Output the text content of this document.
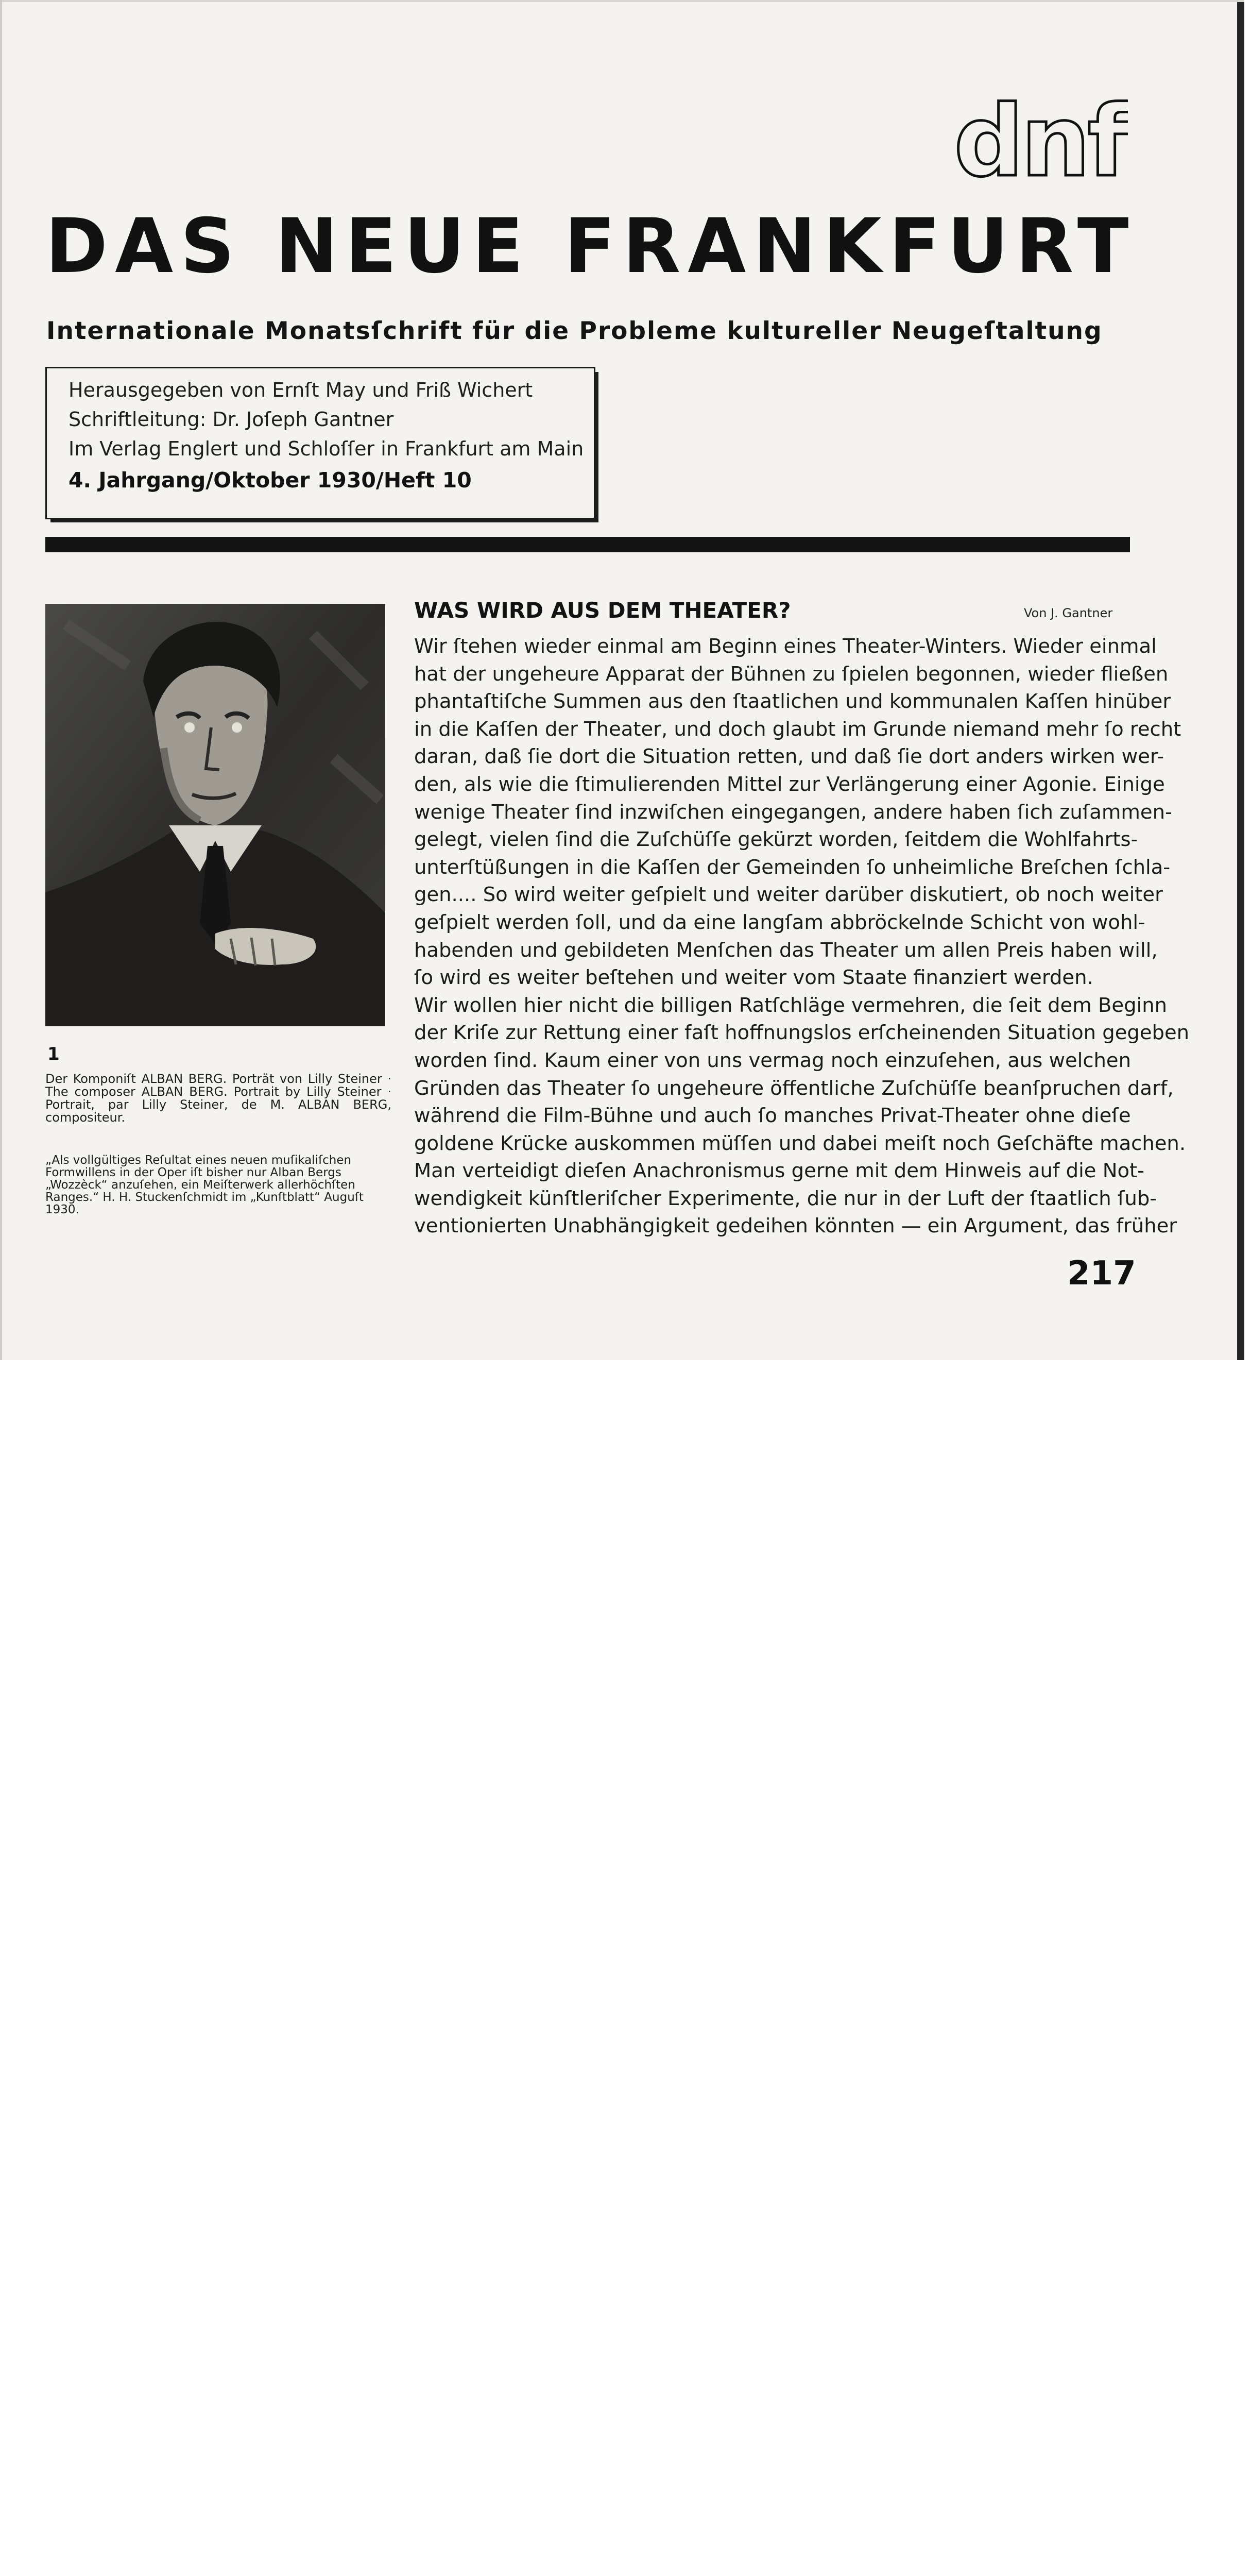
dnf
DAS NEUE FRANKFURT
Internationale Monatsſchrift für die Probleme kultureller Neugeſtaltung
Herausgegeben von Ernſt May und Friß Wichert
Schriftleitung: Dr. Joſeph Gantner
Im Verlag Englert und Schloſſer in Frankfurt am Main
4. Jahrgang/Oktober 1930/Heft 10
1
Der Komponiſt ALBAN BERG. Porträt von Lilly Steiner · The composer ALBAN BERG. Portrait by Lilly Steiner · Portrait, par Lilly Steiner, de M. ALBAN BERG, compositeur.
„Als vollgültiges Reſultat eines neuen muſikaliſchen Formwillens in der Oper iſt bisher nur Alban Bergs „Wozzèck“ anzuſehen, ein Meiſterwerk allerhöchſten Ranges.“ H. H. Stuckenſchmidt im „Kunſtblatt“ Auguſt 1930.
WAS WIRD AUS DEM THEATER?	Von J. Gantner
Wir ſtehen wieder einmal am Beginn eines Theater-Winters. Wieder einmal
hat der ungeheure Apparat der Bühnen zu ſpielen begonnen, wieder fließen
phantaſtiſche Summen aus den ſtaatlichen und kommunalen Kaſſen hinüber
in die Kaſſen der Theater, und doch glaubt im Grunde niemand mehr ſo recht
daran, daß ſie dort die Situation retten, und daß ſie dort anders wirken wer-
den, als wie die ſtimulierenden Mittel zur Verlängerung einer Agonie. Einige
wenige Theater ſind inzwiſchen eingegangen, andere haben ſich zuſammen-
gelegt, vielen ſind die Zuſchüſſe gekürzt worden, ſeitdem die Wohlfahrts-
unterſtüßungen in die Kaſſen der Gemeinden ſo unheimliche Breſchen ſchla-
gen.... So wird weiter geſpielt und weiter darüber diskutiert, ob noch weiter
geſpielt werden ſoll, und da eine langſam abbröckelnde Schicht von wohl-
habenden und gebildeten Menſchen das Theater um allen Preis haben will,
ſo wird es weiter beſtehen und weiter vom Staate finanziert werden.
Wir wollen hier nicht die billigen Ratſchläge vermehren, die ſeit dem Beginn
der Kriſe zur Rettung einer faſt hoffnungslos erſcheinenden Situation gegeben
worden ſind. Kaum einer von uns vermag noch einzuſehen, aus welchen
Gründen das Theater ſo ungeheure öffentliche Zuſchüſſe beanſpruchen darf,
während die Film-Bühne und auch ſo manches Privat-Theater ohne dieſe
goldene Krücke auskommen müſſen und dabei meiſt noch Geſchäfte machen.
Man verteidigt dieſen Anachronismus gerne mit dem Hinweis auf die Not-
wendigkeit künſtleriſcher Experimente, die nur in der Luft der ſtaatlich ſub-
ventionierten Unabhängigkeit gedeihen könnten — ein Argument, das früher
217
